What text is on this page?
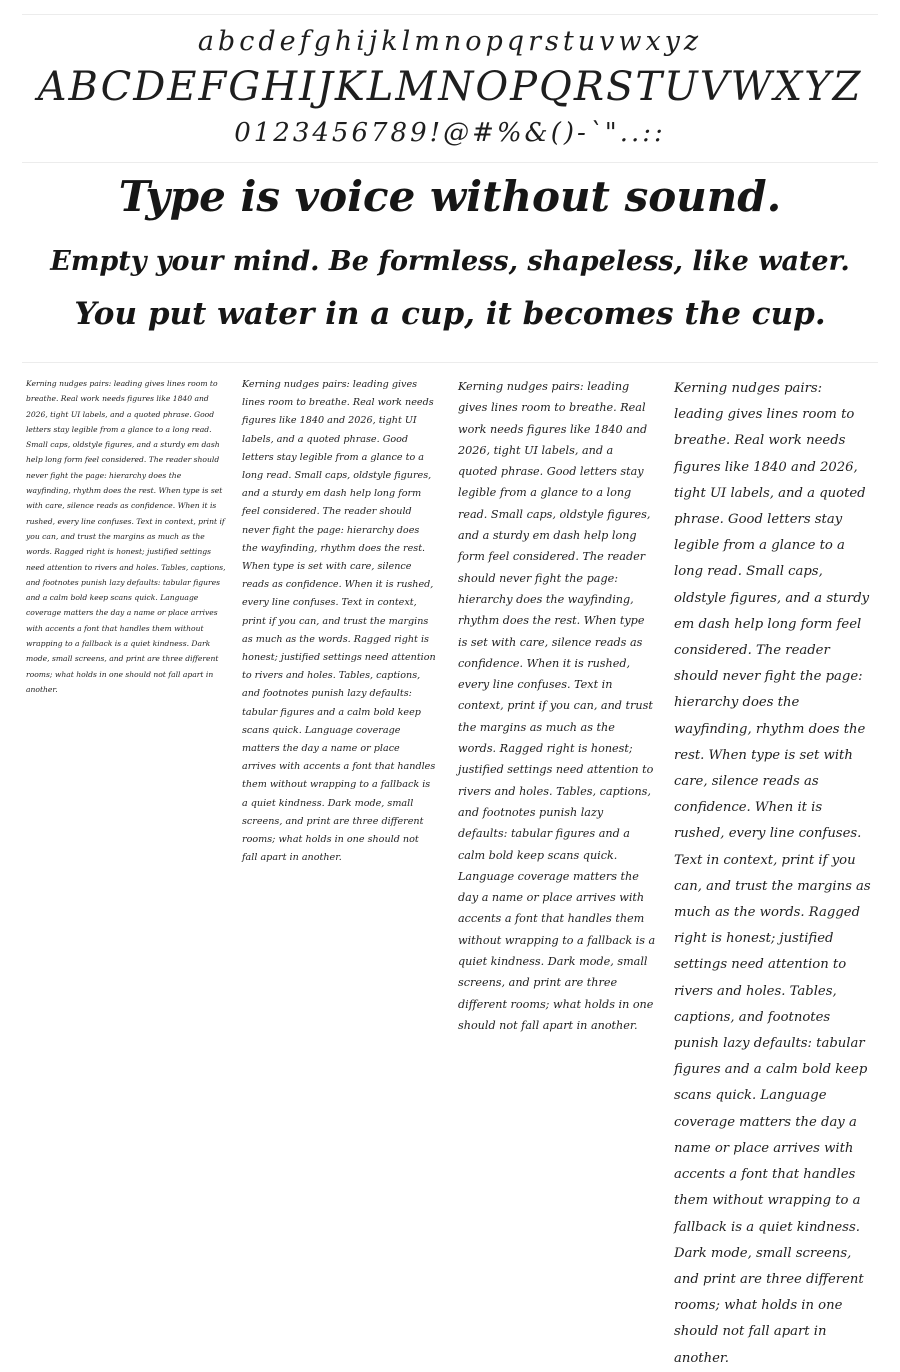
abcdefghijklmnopqrstuvwxyz
ABCDEFGHIJKLMNOPQRSTUVWXYZ
0123456789!@#%&()-`"..::
Type is voice without sound.
Empty your mind. Be formless, shapeless, like water.
You put water in a cup, it becomes the cup.

Kerning nudges pairs: leading gives lines room to breathe. Real work needs figures like 1840 and 2026, tight UI labels, and a quoted phrase. Good letters stay legible from a glance to a long read. Small caps, oldstyle figures, and a sturdy em dash help long form feel considered. The reader should never fight the page: hierarchy does the wayfinding, rhythm does the rest. When type is set with care, silence reads as confidence. When it is rushed, every line confuses. Text in context, print if you can, and trust the margins as much as the words. Ragged right is honest; justified settings need attention to rivers and holes. Tables, captions, and footnotes punish lazy defaults: tabular figures and a calm bold keep scans quick. Language coverage matters the day a name or place arrives with accents a font that handles them without wrapping to a fallback is a quiet kindness. Dark mode, small screens, and print are three different rooms; what holds in one should not fall apart in another.

Kerning nudges pairs: leading gives lines room to breathe. Real work needs figures like 1840 and 2026, tight UI labels, and a quoted phrase. Good letters stay legible from a glance to a long read. Small caps, oldstyle figures, and a sturdy em dash help long form feel considered. The reader should never fight the page: hierarchy does the wayfinding, rhythm does the rest. When type is set with care, silence reads as confidence. When it is rushed, every line confuses. Text in context, print if you can, and trust the margins as much as the words. Ragged right is honest; justified settings need attention to rivers and holes. Tables, captions, and footnotes punish lazy defaults: tabular figures and a calm bold keep scans quick. Language coverage matters the day a name or place arrives with accents a font that handles them without wrapping to a fallback is a quiet kindness. Dark mode, small screens, and print are three different rooms; what holds in one should not fall apart in another.

Kerning nudges pairs: leading gives lines room to breathe. Real work needs figures like 1840 and 2026, tight UI labels, and a quoted phrase. Good letters stay legible from a glance to a long read. Small caps, oldstyle figures, and a sturdy em dash help long form feel considered. The reader should never fight the page: hierarchy does the wayfinding, rhythm does the rest. When type is set with care, silence reads as confidence. When it is rushed, every line confuses. Text in context, print if you can, and trust the margins as much as the words. Ragged right is honest; justified settings need attention to rivers and holes. Tables, captions, and footnotes punish lazy defaults: tabular figures and a calm bold keep scans quick. Language coverage matters the day a name or place arrives with accents a font that handles them without wrapping to a fallback is a quiet kindness. Dark mode, small screens, and print are three different rooms; what holds in one should not fall apart in another.

Kerning nudges pairs: leading gives lines room to breathe. Real work needs figures like 1840 and 2026, tight UI labels, and a quoted phrase. Good letters stay legible from a glance to a long read. Small caps, oldstyle figures, and a sturdy em dash help long form feel considered. The reader should never fight the page: hierarchy does the wayfinding, rhythm does the rest. When type is set with care, silence reads as confidence. When it is rushed, every line confuses. Text in context, print if you can, and trust the margins as much as the words. Ragged right is honest; justified settings need attention to rivers and holes. Tables, captions, and footnotes punish lazy defaults: tabular figures and a calm bold keep scans quick. Language coverage matters the day a name or place arrives with accents a font that handles them without wrapping to a fallback is a quiet kindness. Dark mode, small screens, and print are three different rooms; what holds in one should not fall apart in another.
